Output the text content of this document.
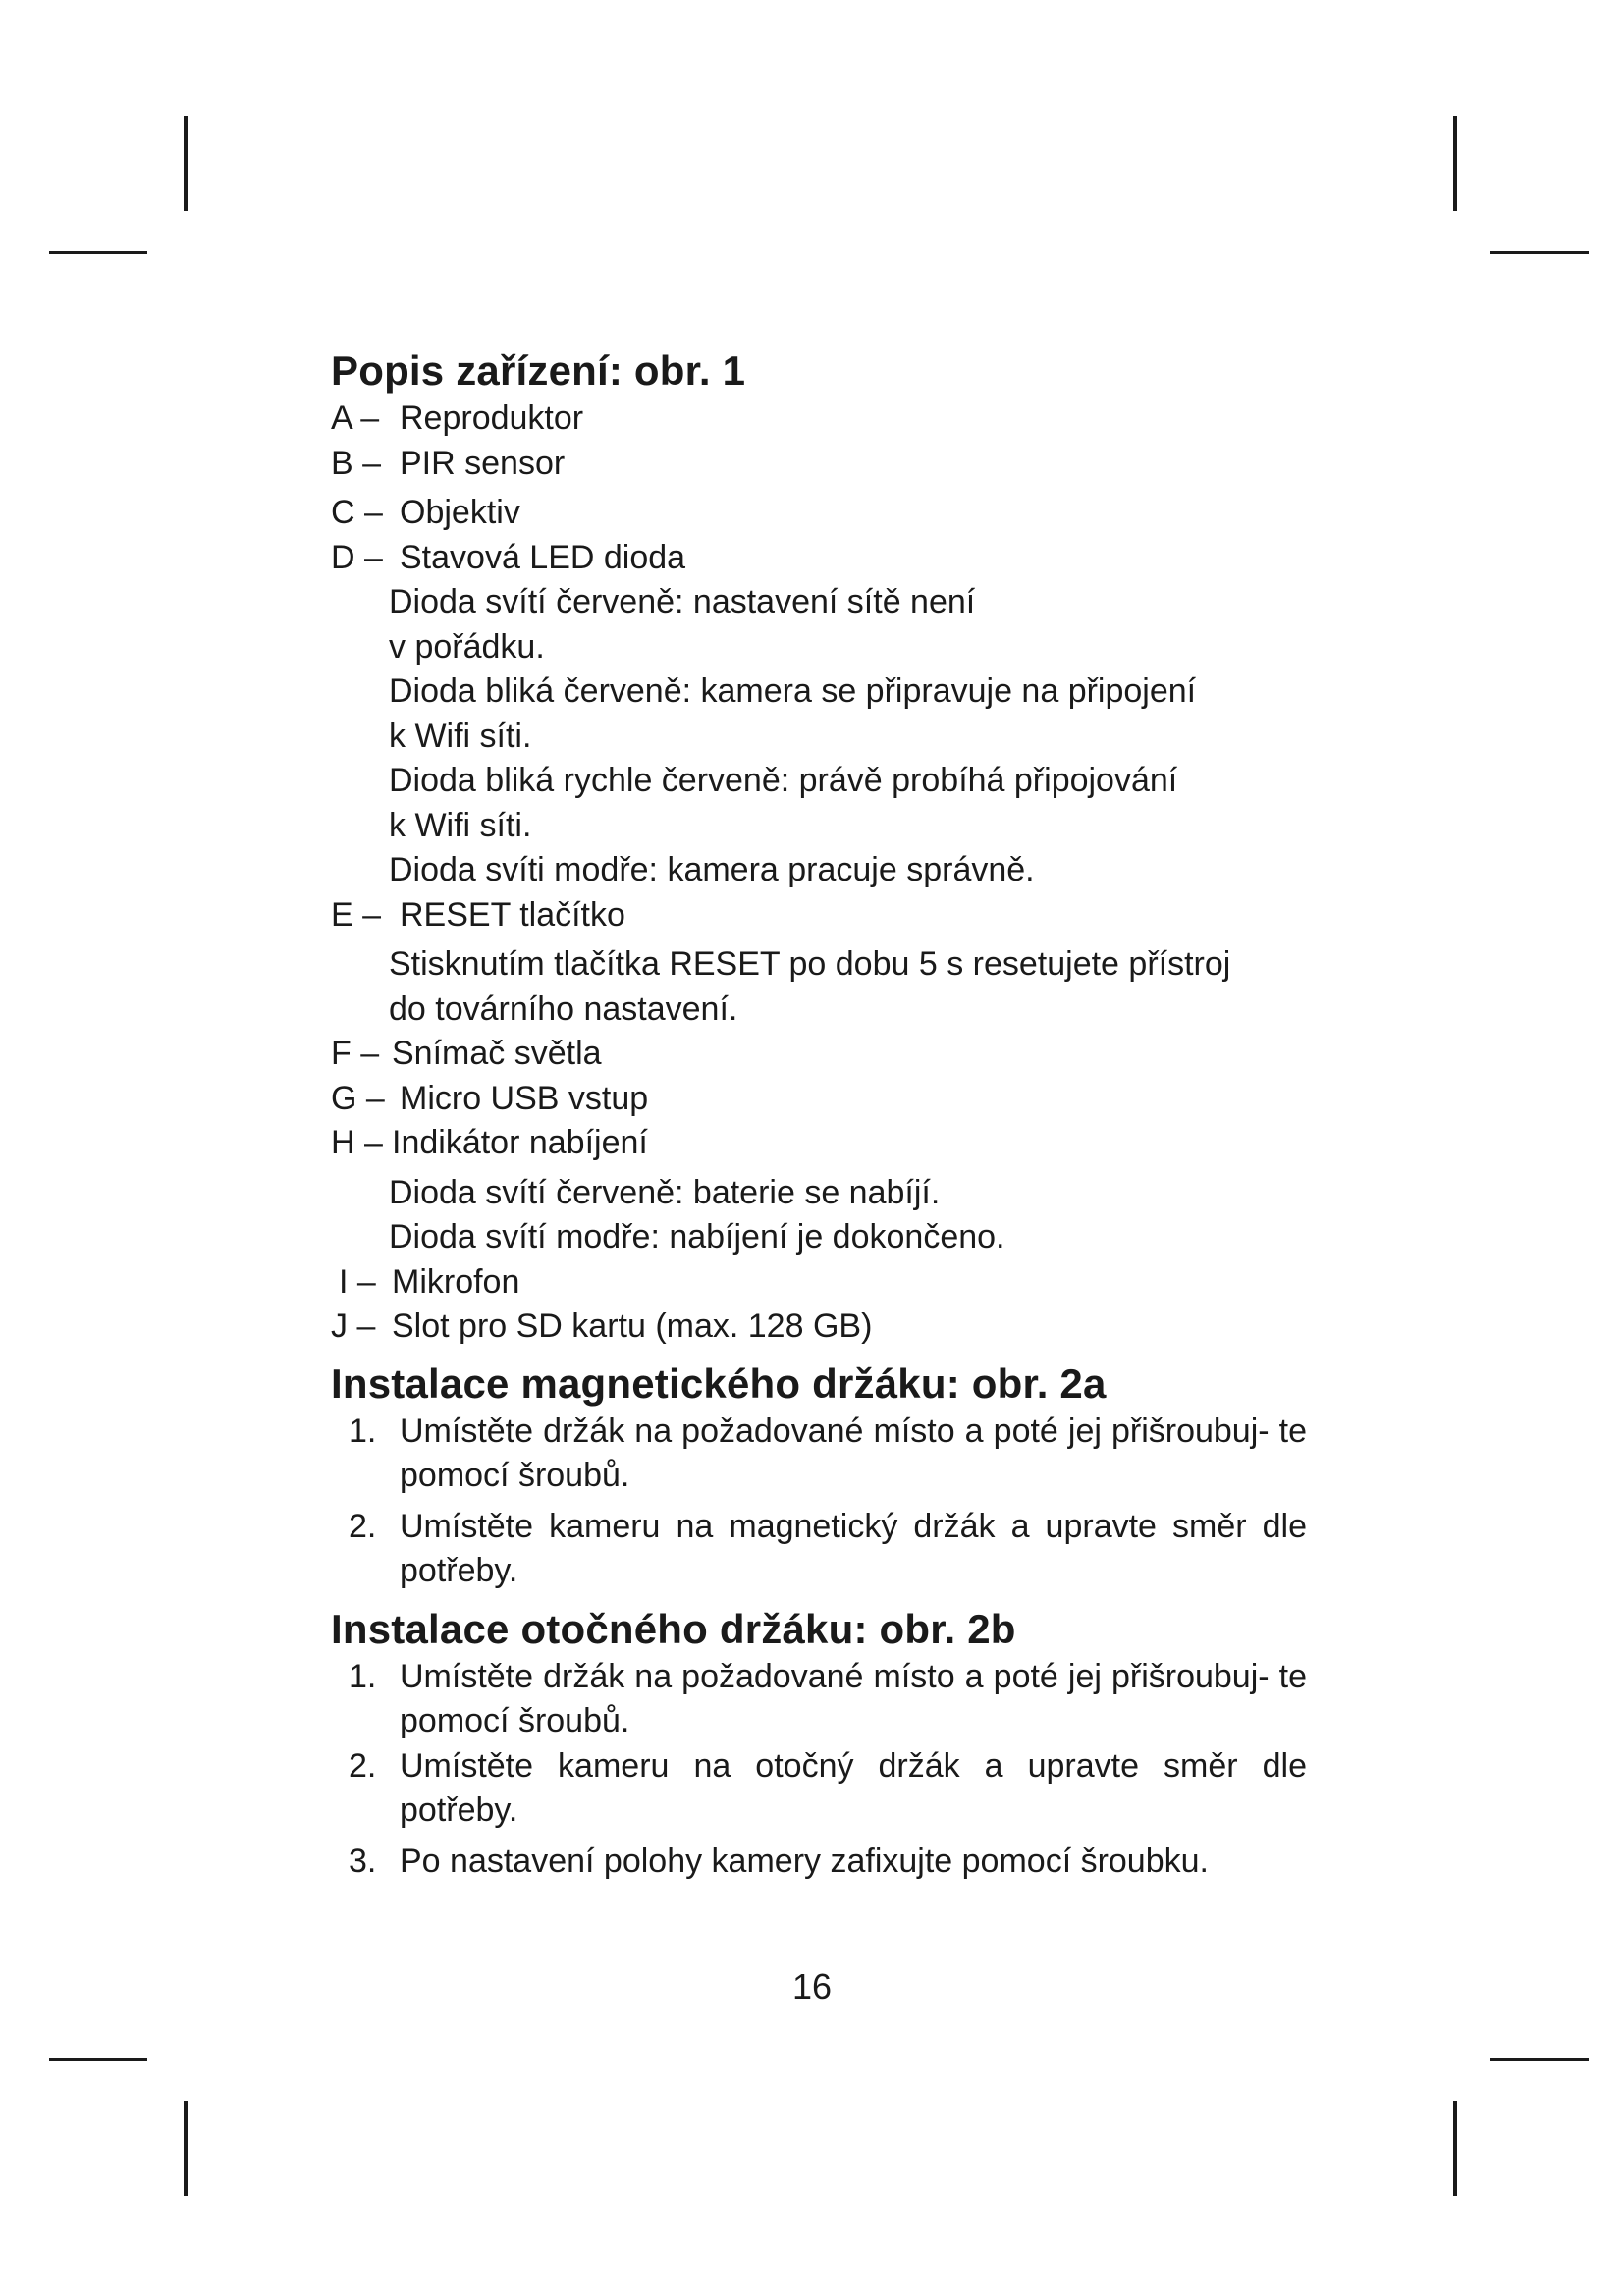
Popis zařízení: obr. 1
A – Reproduktor
B – PIR sensor
C – Objektiv
D – Stavová LED dioda
Dioda svítí červeně: nastavení sítě není
v pořádku.
Dioda bliká červeně: kamera se připravuje na připojení
k Wifi síti.
Dioda bliká rychle červeně: právě probíhá připojování
k Wifi síti.
Dioda svíti modře: kamera pracuje správně.
E – RESET tlačítko
Stisknutím tlačítka RESET po dobu 5 s resetujete přístroj
do továrního nastavení.
F – Snímač světla
G – Micro USB vstup
H – Indikátor nabíjení
Dioda svítí červeně: baterie se nabíjí.
Dioda svítí modře: nabíjení je dokončeno.
I – Mikrofon
J – Slot pro SD kartu (max. 128 GB)
Instalace magnetického držáku: obr. 2a
1. Umístěte držák na požadované místo a poté jej přišroubuj- te pomocí šroubů.
2. Umístěte kameru na magnetický držák a upravte směr dle potřeby.
Instalace otočného držáku: obr. 2b
1. Umístěte držák na požadované místo a poté jej přišroubuj- te pomocí šroubů.
2. Umístěte kameru na otočný držák a upravte směr dle potřeby.
3. Po nastavení polohy kamery zafixujte pomocí šroubku.
16
